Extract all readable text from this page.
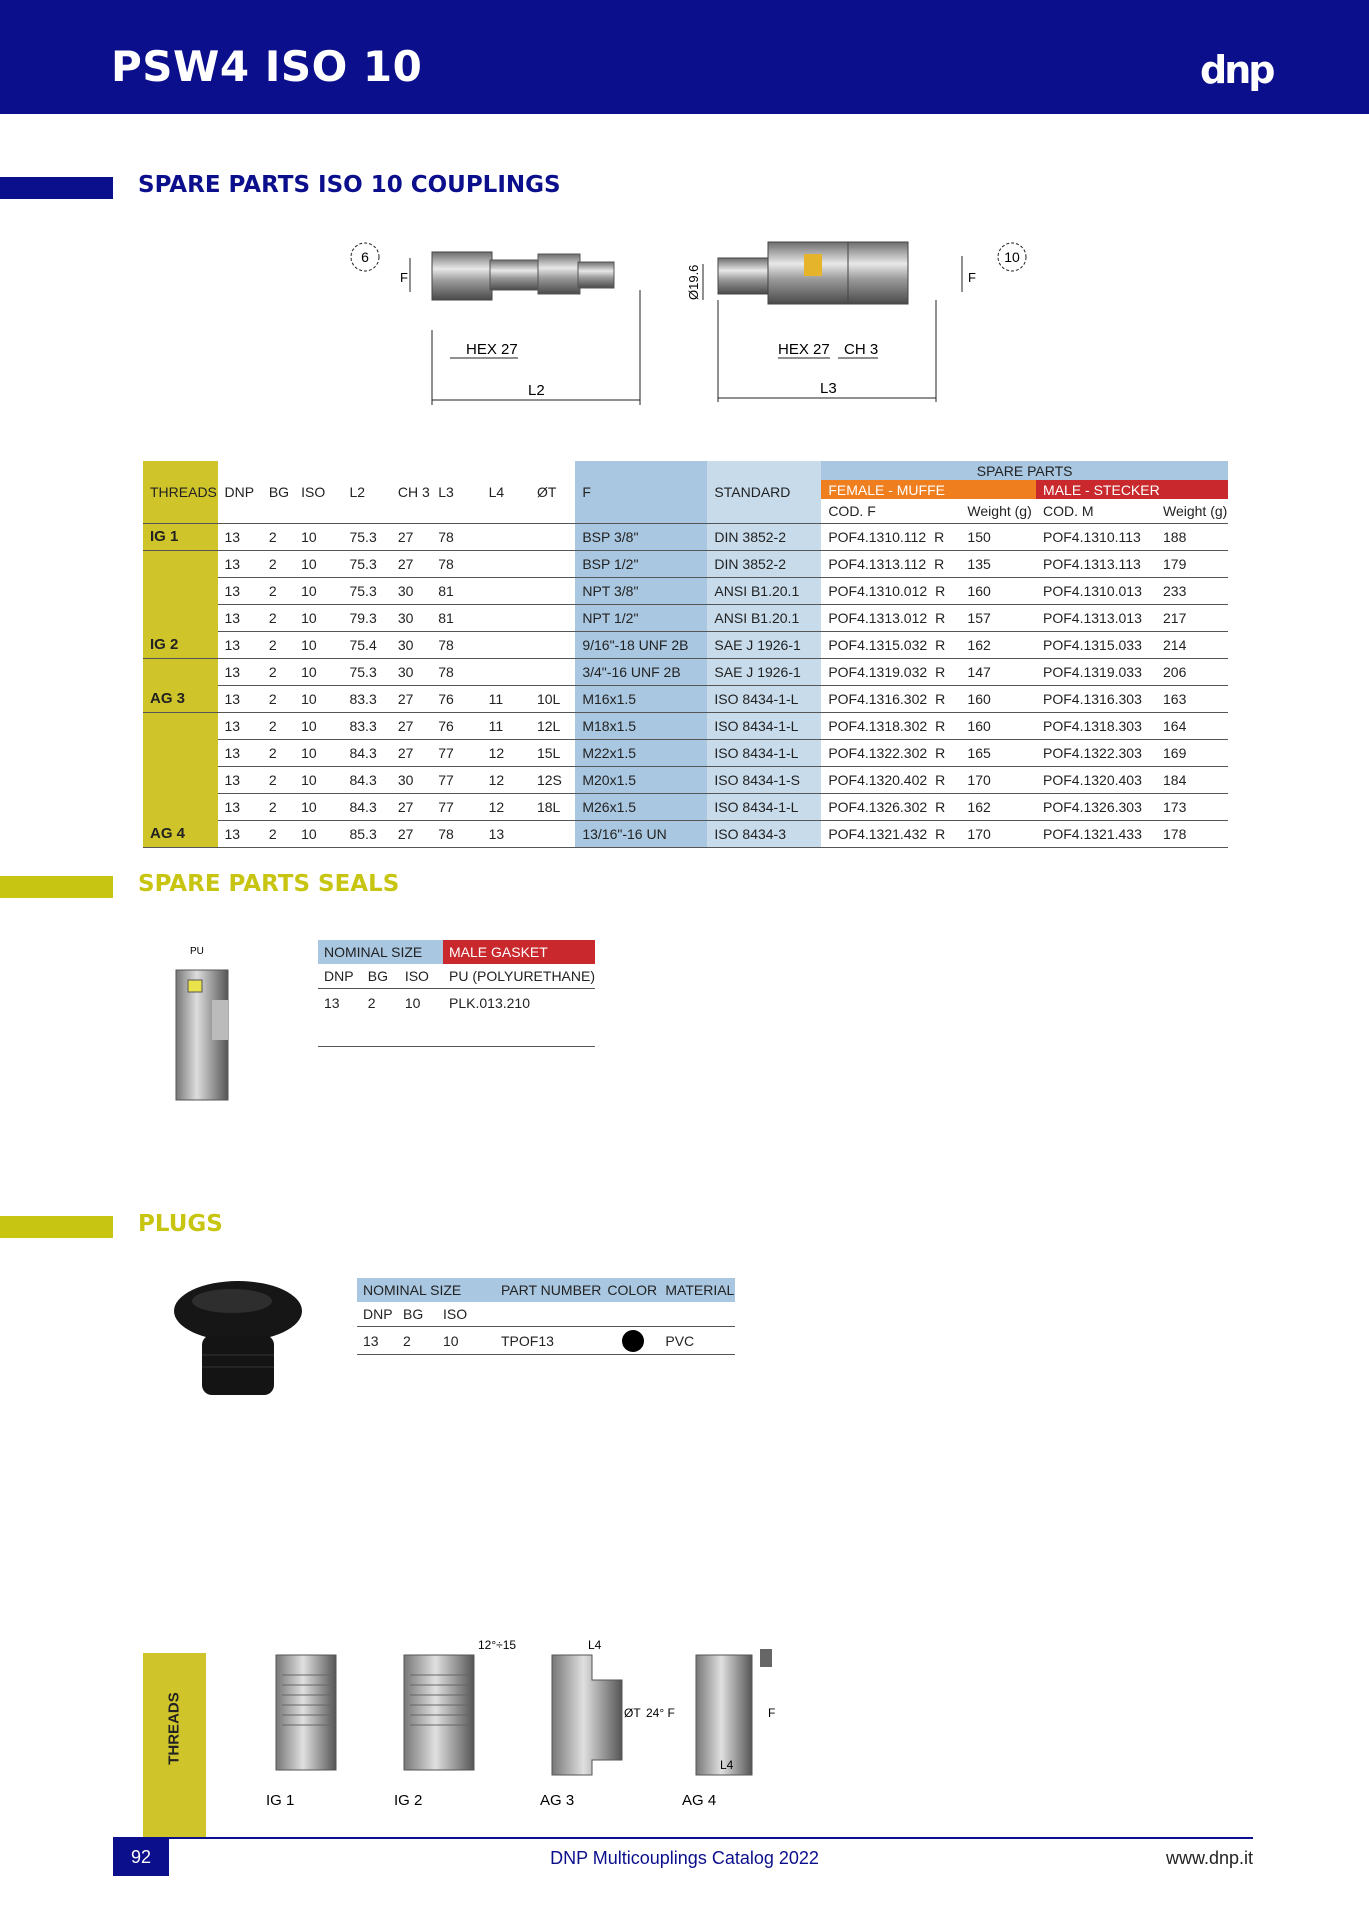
PSW4 ISO 10	dnp
SPARE PARTS ISO 10 COUPLINGS
6	10
F	F
HEX 27
L2
Ø19.6
HEX 27 CH 3
L3
THREADS	DNP	BG	ISO	L2	CH 3	L3	L4	ØT	F	STANDARD	SPARE PARTS			
											FEMALE - MUFFE		MALE - STECKER	
											COD. F	Weight (g)	COD. M	Weight (g)
IG 1	13	2	10	75.3	27	78			BSP 3/8"	DIN 3852-2	POF4.1310.112 R	150	POF4.1310.113	188
	13	2	10	75.3	27	78			BSP 1/2"	DIN 3852-2	POF4.1313.112 R	135	POF4.1313.113	179
	13	2	10	75.3	30	81			NPT 3/8"	ANSI B1.20.1	POF4.1310.012 R	160	POF4.1310.013	233
	13	2	10	79.3	30	81			NPT 1/2"	ANSI B1.20.1	POF4.1313.012 R	157	POF4.1313.013	217
IG 2	13	2	10	75.4	30	78			9/16"-18 UNF 2B	SAE J 1926-1	POF4.1315.032 R	162	POF4.1315.033	214
	13	2	10	75.3	30	78			3/4"-16 UNF 2B	SAE J 1926-1	POF4.1319.032 R	147	POF4.1319.033	206
AG 3	13	2	10	83.3	27	76	11	10L	M16x1.5	ISO 8434-1-L	POF4.1316.302 R	160	POF4.1316.303	163
	13	2	10	83.3	27	76	11	12L	M18x1.5	ISO 8434-1-L	POF4.1318.302 R	160	POF4.1318.303	164
	13	2	10	84.3	27	77	12	15L	M22x1.5	ISO 8434-1-L	POF4.1322.302 R	165	POF4.1322.303	169
	13	2	10	84.3	30	77	12	12S	M20x1.5	ISO 8434-1-S	POF4.1320.402 R	170	POF4.1320.403	184
	13	2	10	84.3	27	77	12	18L	M26x1.5	ISO 8434-1-L	POF4.1326.302 R	162	POF4.1326.303	173
AG 4	13	2	10	85.3	27	78	13		13/16"-16 UN	ISO 8434-3	POF4.1321.432 R	170	POF4.1321.433	178
SPARE PARTS SEALS
PU	NOMINAL SIZE			MALE GASKET
DNP	BG	ISO	PU (POLYURETHANE)
13	2	10	PLK.013.210

PLUGS
NOMINAL SIZE			PART NUMBER	COLOR	MATERIAL
DNP	BG	ISO			
13	2	10	TPOF13		PVC
THREADS
12°÷15	L4
ØT 24° F	F
L4
IG 1	IG 2	AG 3	AG 4
92	DNP Multicouplings Catalog 2022	www.dnp.it
